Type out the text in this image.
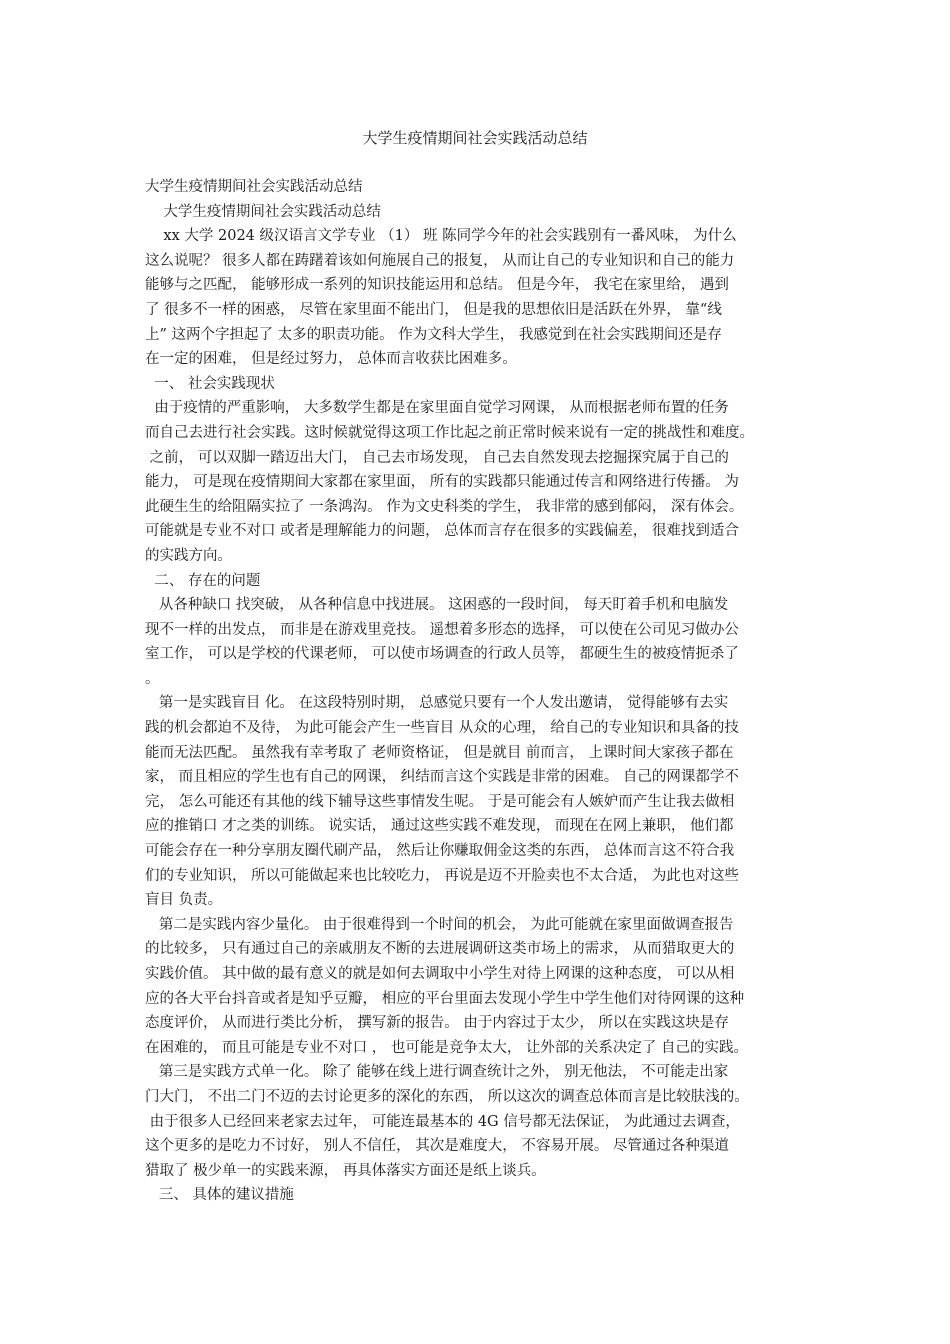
大学生疫情期间社会实践活动总结
大学生疫情期间社会实践活动总结
大学生疫情期间社会实践活动总结
xx 大学 2024 级汉语言文学专业 （1） 班 陈同学今年的社会实践别有一番风味， 为什么
这么说呢？ 很多人都在踌躇着该如何施展自己的报复， 从而让自己的专业知识和自己的能力
能够与之匹配， 能够形成一系列的知识技能运用和总结。 但是今年， 我宅在家里给， 遇到
了 很多不一样的困惑， 尽管在家里面不能出门， 但是我的思想依旧是活跃在外界， 靠“线
上” 这两个字担起了 太多的职责功能。 作为文科大学生， 我感觉到在社会实践期间还是存
在一定的困难， 但是经过努力， 总体而言收获比困难多。
一、 社会实践现状
由于疫情的严重影响， 大多数学生都是在家里面自觉学习网课， 从而根据老师布置的任务
而自己去进行社会实践。这时候就觉得这项工作比起之前正常时候来说有一定的挑战性和难度。
之前， 可以双脚一踏迈出大门， 自己去市场发现， 自己去自然发现去挖掘探究属于自己的
能力， 可是现在疫情期间大家都在家里面， 所有的实践都只能通过传言和网络进行传播。 为
此硬生生的给阻隔实拉了 一条鸿沟。 作为文史科类的学生， 我非常的感到郁闷， 深有体会。
可能就是专业不对口 或者是理解能力的问题， 总体而言存在很多的实践偏差， 很难找到适合
的实践方向。
二、 存在的问题
从各种缺口 找突破， 从各种信息中找进展。 这困惑的一段时间， 每天盯着手机和电脑发
现不一样的出发点， 而非是在游戏里竞技。 遥想着多形态的选择， 可以使在公司见习做办公
室工作， 可以是学校的代课老师， 可以使市场调查的行政人员等， 都硬生生的被疫情扼杀了
。
第一是实践盲目 化。 在这段特别时期， 总感觉只要有一个人发出邀请， 觉得能够有去实
践的机会都迫不及待， 为此可能会产生一些盲目 从众的心理， 给自己的专业知识和具备的技
能而无法匹配。 虽然我有幸考取了 老师资格证， 但是就目 前而言， 上课时间大家孩子都在
家， 而且相应的学生也有自己的网课， 纠结而言这个实践是非常的困难。 自己的网课都学不
完， 怎么可能还有其他的线下辅导这些事情发生呢。 于是可能会有人嫉妒而产生让我去做相
应的推销口 才之类的训练。 说实话， 通过这些实践不难发现， 而现在在网上兼职， 他们都
可能会存在一种分享朋友圈代刷产品， 然后让你赚取佣金这类的东西， 总体而言这不符合我
们的专业知识， 所以可能做起来也比较吃力， 再说是迈不开脸卖也不太合适， 为此也对这些
盲目 负责。
第二是实践内容少量化。 由于很难得到一个时间的机会， 为此可能就在家里面做调查报告
的比较多， 只有通过自己的亲戚朋友不断的去进展调研这类市场上的需求， 从而猎取更大的
实践价值。 其中做的最有意义的就是如何去调取中小学生对待上网课的这种态度， 可以从相
应的各大平台抖音或者是知乎豆瓣， 相应的平台里面去发现小学生中学生他们对待网课的这种
态度评价， 从而进行类比分析， 撰写新的报告。 由于内容过于太少， 所以在实践这块是存
在困难的， 而且可能是专业不对口 ， 也可能是竞争太大， 让外部的关系决定了 自己的实践。
第三是实践方式单一化。 除了 能够在线上进行调查统计之外， 别无他法， 不可能走出家
门大门， 不出二门不迈的去讨论更多的深化的东西， 所以这次的调查总体而言是比较肤浅的。
由于很多人已经回来老家去过年， 可能连最基本的 4G 信号都无法保证， 为此通过去调查，
这个更多的是吃力不讨好， 别人不信任， 其次是难度大， 不容易开展。 尽管通过各种渠道
猎取了 极少单一的实践来源， 再具体落实方面还是纸上谈兵。
三、 具体的建议措施
